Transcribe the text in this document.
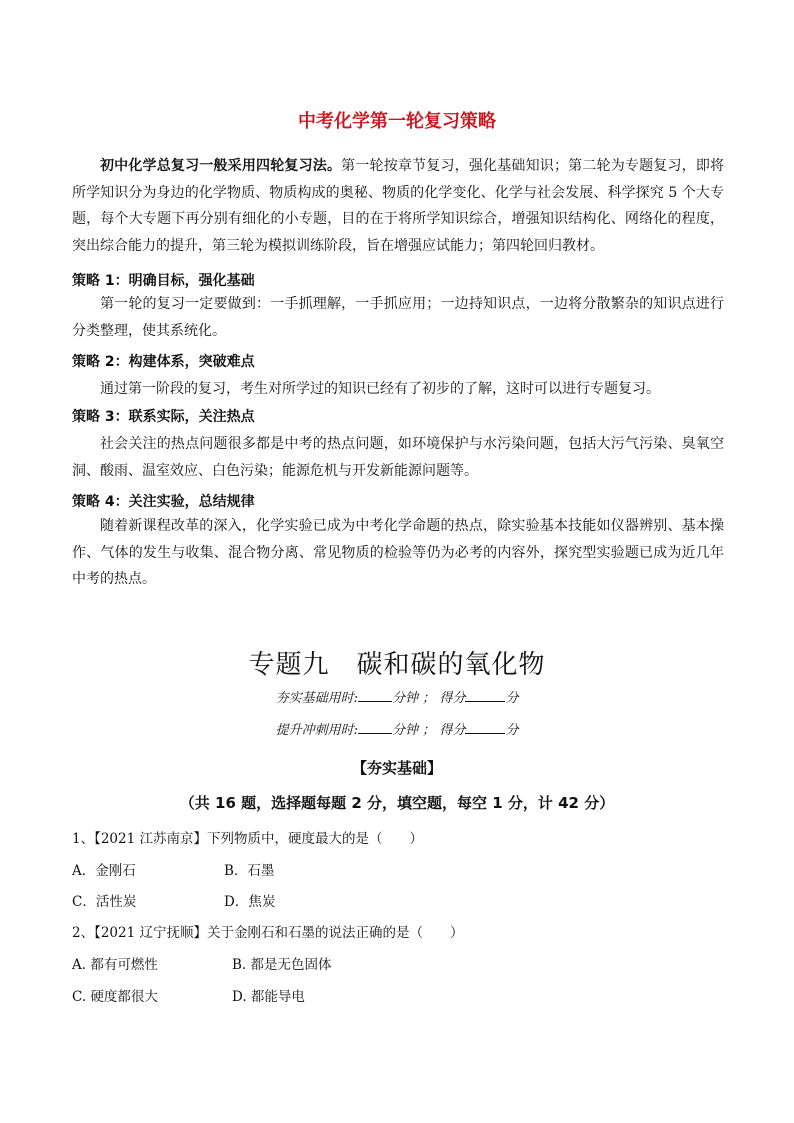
中考化学第一轮复习策略
初中化学总复习一般采用四轮复习法。第一轮按章节复习，强化基础知识；第二轮为专题复习，即将所学知识分为身边的化学物质、物质构成的奥秘、物质的化学变化、化学与社会发展、科学探究 5 个大专题，每个大专题下再分别有细化的小专题，目的在于将所学知识综合，增强知识结构化、网络化的程度，突出综合能力的提升，第三轮为模拟训练阶段，旨在增强应试能力；第四轮回归教材。
策略 1：明确目标，强化基础
第一轮的复习一定要做到：一手抓理解，一手抓应用；一边持知识点，一边将分散繁杂的知识点进行分类整理，使其系统化。
策略 2：构建体系，突破难点
通过第一阶段的复习，考生对所学过的知识已经有了初步的了解，这时可以进行专题复习。
策略 3：联系实际，关注热点
社会关注的热点问题很多都是中考的热点问题，如环境保护与水污染问题，包括大污气污染、臭氧空洞、酸雨、温室效应、白色污染；能源危机与开发新能源问题等。
策略 4：关注实验，总结规律
随着新课程改革的深入，化学实验已成为中考化学命题的热点，除实验基本技能如仪器辨别、基本操作、气体的发生与收集、混合物分离、常见物质的检验等仍为必考的内容外，探究型实验题已成为近几年中考的热点。
专题九　碳和碳的氧化物
夯实基础用时:	分钟 ； 得分	分
提升冲刺用时:	分钟 ； 得分	分
【夯实基础】
（共 16 题，选择题每题 2 分，填空题，每空 1 分，计 42 分）
1、【2021 江苏南京】下列物质中，硬度最大的是（　　）
A．金刚石	B．石墨
C．活性炭	D．焦炭
2、【2021 辽宁抚顺】关于金刚石和石墨的说法正确的是（　　）
A. 都有可燃性	B. 都是无色固体
C. 硬度都很大	D. 都能导电
